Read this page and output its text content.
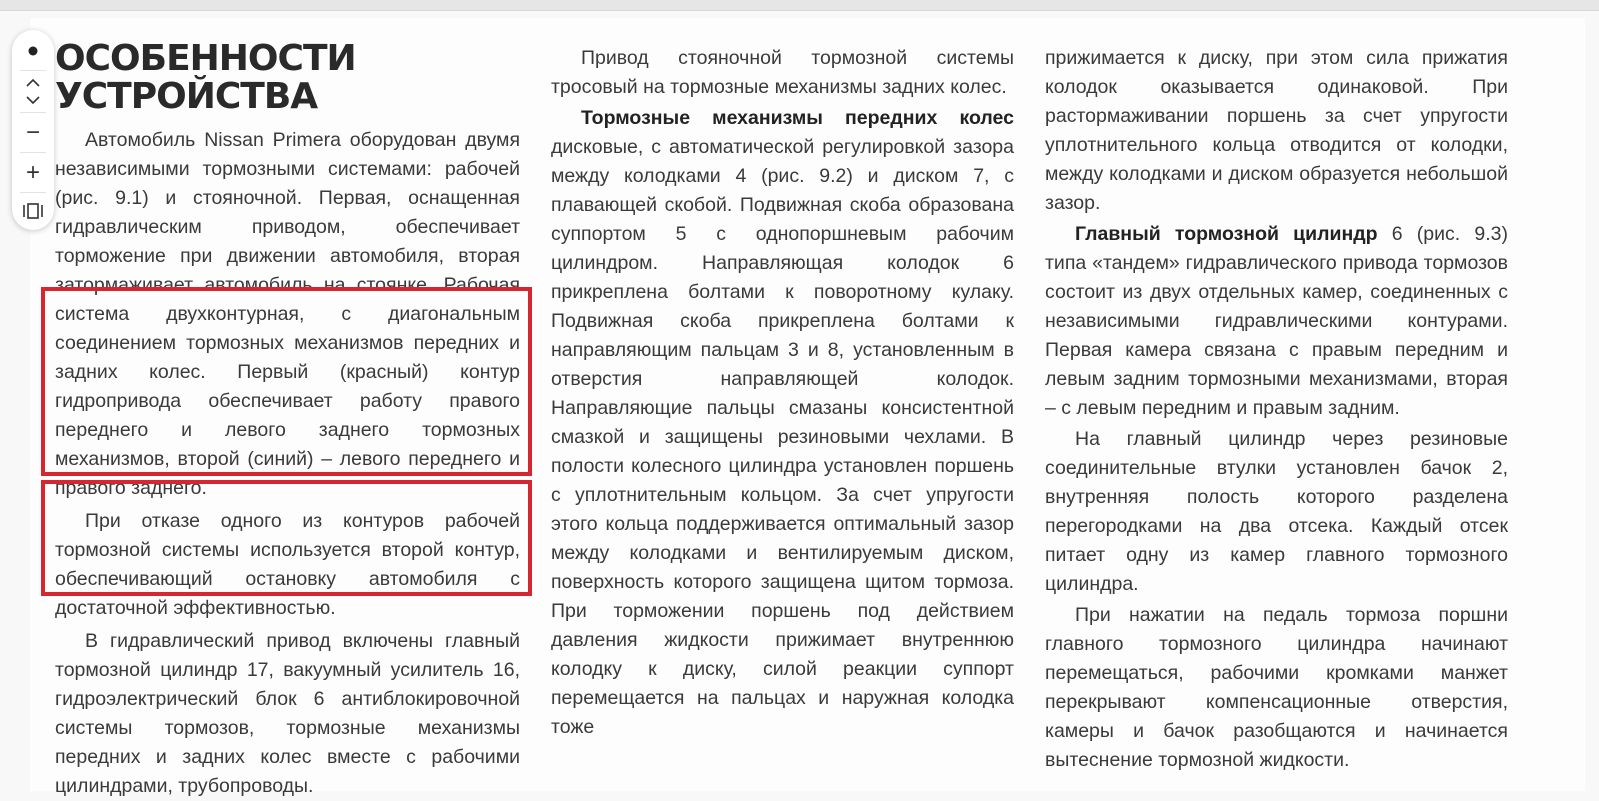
−
+
ОСОБЕННОСТИ
УСТРОЙСТВА

Автомобиль Nissan Primera оборудован двумя независимыми тормозными системами: рабочей (рис. 9.1) и стояночной. Первая, оснащенная гидравлическим приводом, обеспечивает торможение при движении автомобиля, вторая затормаживает автомобиль на стоянке. Рабочая система двухконтурная, с диагональным соединением тормозных механизмов передних и задних колес. Первый (красный) контур гидропривода обеспечивает работу правого переднего и левого заднего тормозных механизмов, второй (синий) – левого переднего и правого заднего.

При отказе одного из контуров рабочей тормозной системы используется второй контур, обеспечивающий остановку автомобиля с достаточной эффективностью.

В гидравлический привод включены главный тормозной цилиндр 17, вакуумный усилитель 16, гидроэлектрический блок 6 антиблокировочной системы тормозов, тормозные механизмы передних и задних колес вместе с рабочими цилиндрами, трубопроводы.

Привод стояночной тормозной системы тросовый на тормозные механизмы задних колес.

Тормозные механизмы передних колес дисковые, с автоматической регулировкой зазора между колодками 4 (рис. 9.2) и диском 7, с плавающей скобой. Подвижная скоба образована суппортом 5 с однопоршневым рабочим цилиндром. Направляющая колодок 6 прикреплена болтами к поворотному кулаку. Подвижная скоба прикреплена болтами к направляющим пальцам 3 и 8, установленным в отверстия направляющей колодок. Направляющие пальцы смазаны консистентной смазкой и защищены резиновыми чехлами. В полости колесного цилиндра установлен поршень с уплотнительным кольцом. За счет упругости этого кольца поддерживается оптимальный зазор между колодками и вентилируемым диском, поверхность которого защищена щитом тормоза. При торможении поршень под действием давления жидкости прижимает внутреннюю колодку к диску, силой реакции суппорт перемещается на пальцах и наружная колодка тоже

прижимается к диску, при этом сила прижатия колодок оказывается одинаковой. При растормаживании поршень за счет упругости уплотнительного кольца отводится от колодки, между колодками и диском образуется небольшой зазор.

Главный тормозной цилиндр 6 (рис. 9.3) типа «тандем» гидравлического привода тормозов состоит из двух отдельных камер, соединенных с независимыми гидравлическими контурами. Первая камера связана с правым передним и левым задним тормозными механизмами, вторая – с левым передним и правым задним.

На главный цилиндр через резиновые соединительные втулки установлен бачок 2, внутренняя полость которого разделена перегородками на два отсека. Каждый отсек питает одну из камер главного тормозного цилиндра.

При нажатии на педаль тормоза поршни главного тормозного цилиндра начинают перемещаться, рабочими кромками манжет перекрывают компенсационные отверстия, камеры и бачок разобщаются и начинается вытеснение тормозной жидкости.
